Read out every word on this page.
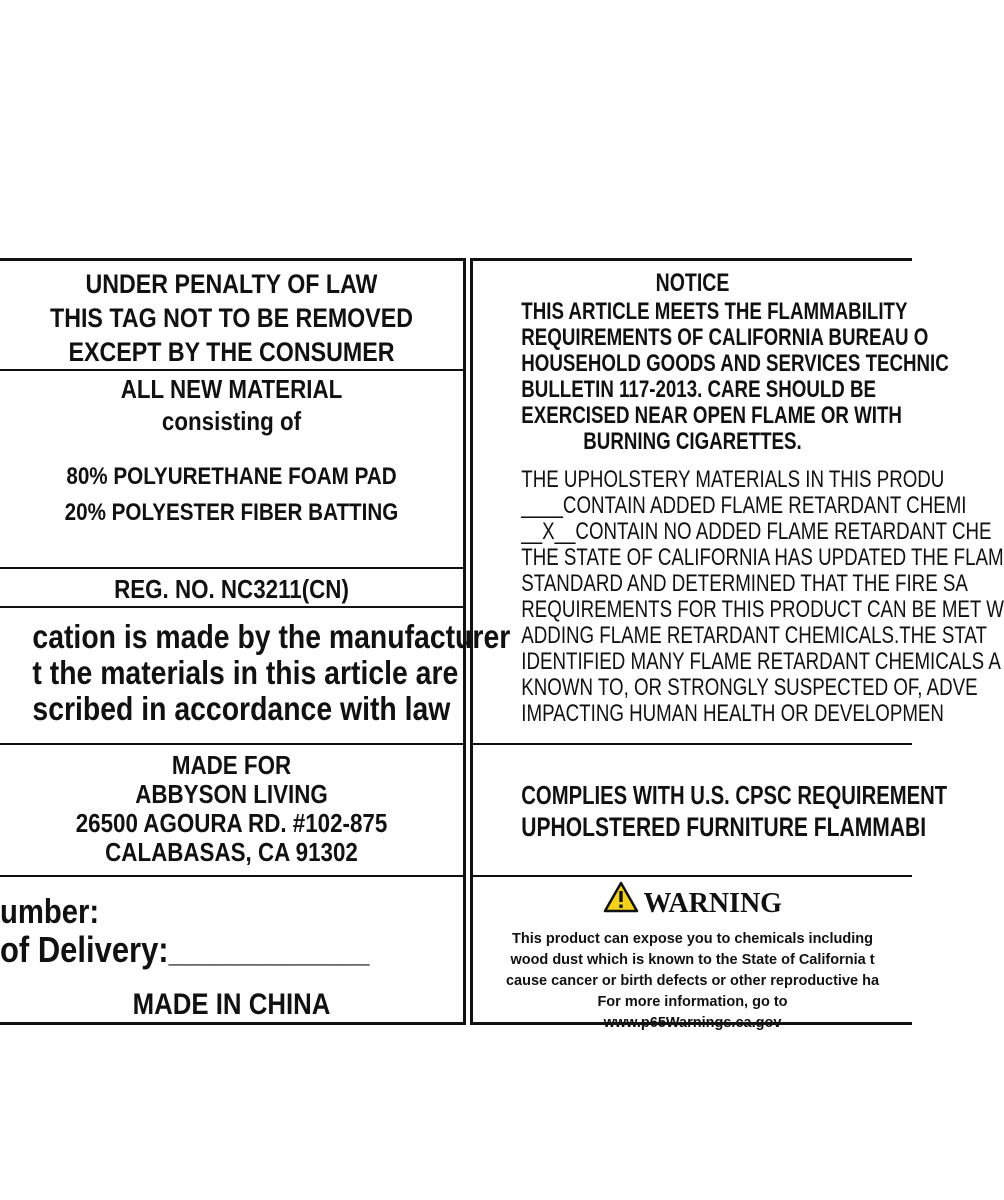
UNDER PENALTY OF LAW
THIS TAG NOT TO BE REMOVED
EXCEPT BY THE CONSUMER
ALL NEW MATERIAL
consisting of
80% POLYURETHANE FOAM PAD
20% POLYESTER FIBER BATTING
REG. NO. NC3211(CN)
cation is made by the manufacturer
t the materials in this article are
scribed in accordance with law
MADE FOR
ABBYSON LIVING
26500 AGOURA RD. #102-875
CALABASAS, CA 91302
umber:
of Delivery:______________
MADE IN CHINA
NOTICE
THIS ARTICLE MEETS THE FLAMMABILITY
REQUIREMENTS OF CALIFORNIA BUREAU O
HOUSEHOLD GOODS AND SERVICES TECHNIC
BULLETIN 117-2013. CARE SHOULD BE
EXERCISED NEAR OPEN FLAME OR WITH
BURNING CIGARETTES.
THE UPHOLSTERY MATERIALS IN THIS PRODU
____CONTAIN ADDED FLAME RETARDANT CHEMI
__X__CONTAIN NO ADDED FLAME RETARDANT CHE
THE STATE OF CALIFORNIA HAS UPDATED THE FLAM
STANDARD AND DETERMINED THAT THE FIRE SA
REQUIREMENTS FOR THIS PRODUCT CAN BE MET W
ADDING FLAME RETARDANT CHEMICALS.THE STAT
IDENTIFIED MANY FLAME RETARDANT CHEMICALS A
KNOWN TO, OR STRONGLY SUSPECTED OF, ADVE
IMPACTING HUMAN HEALTH OR DEVELOPMEN
COMPLIES WITH U.S. CPSC REQUIREMENT
UPHOLSTERED FURNITURE FLAMMABI
WARNING
This product can expose you to chemicals including
wood dust which is known to the State of California t
cause cancer or birth defects or other reproductive ha
For more information, go to
www.p65Warnings.ca.gov
